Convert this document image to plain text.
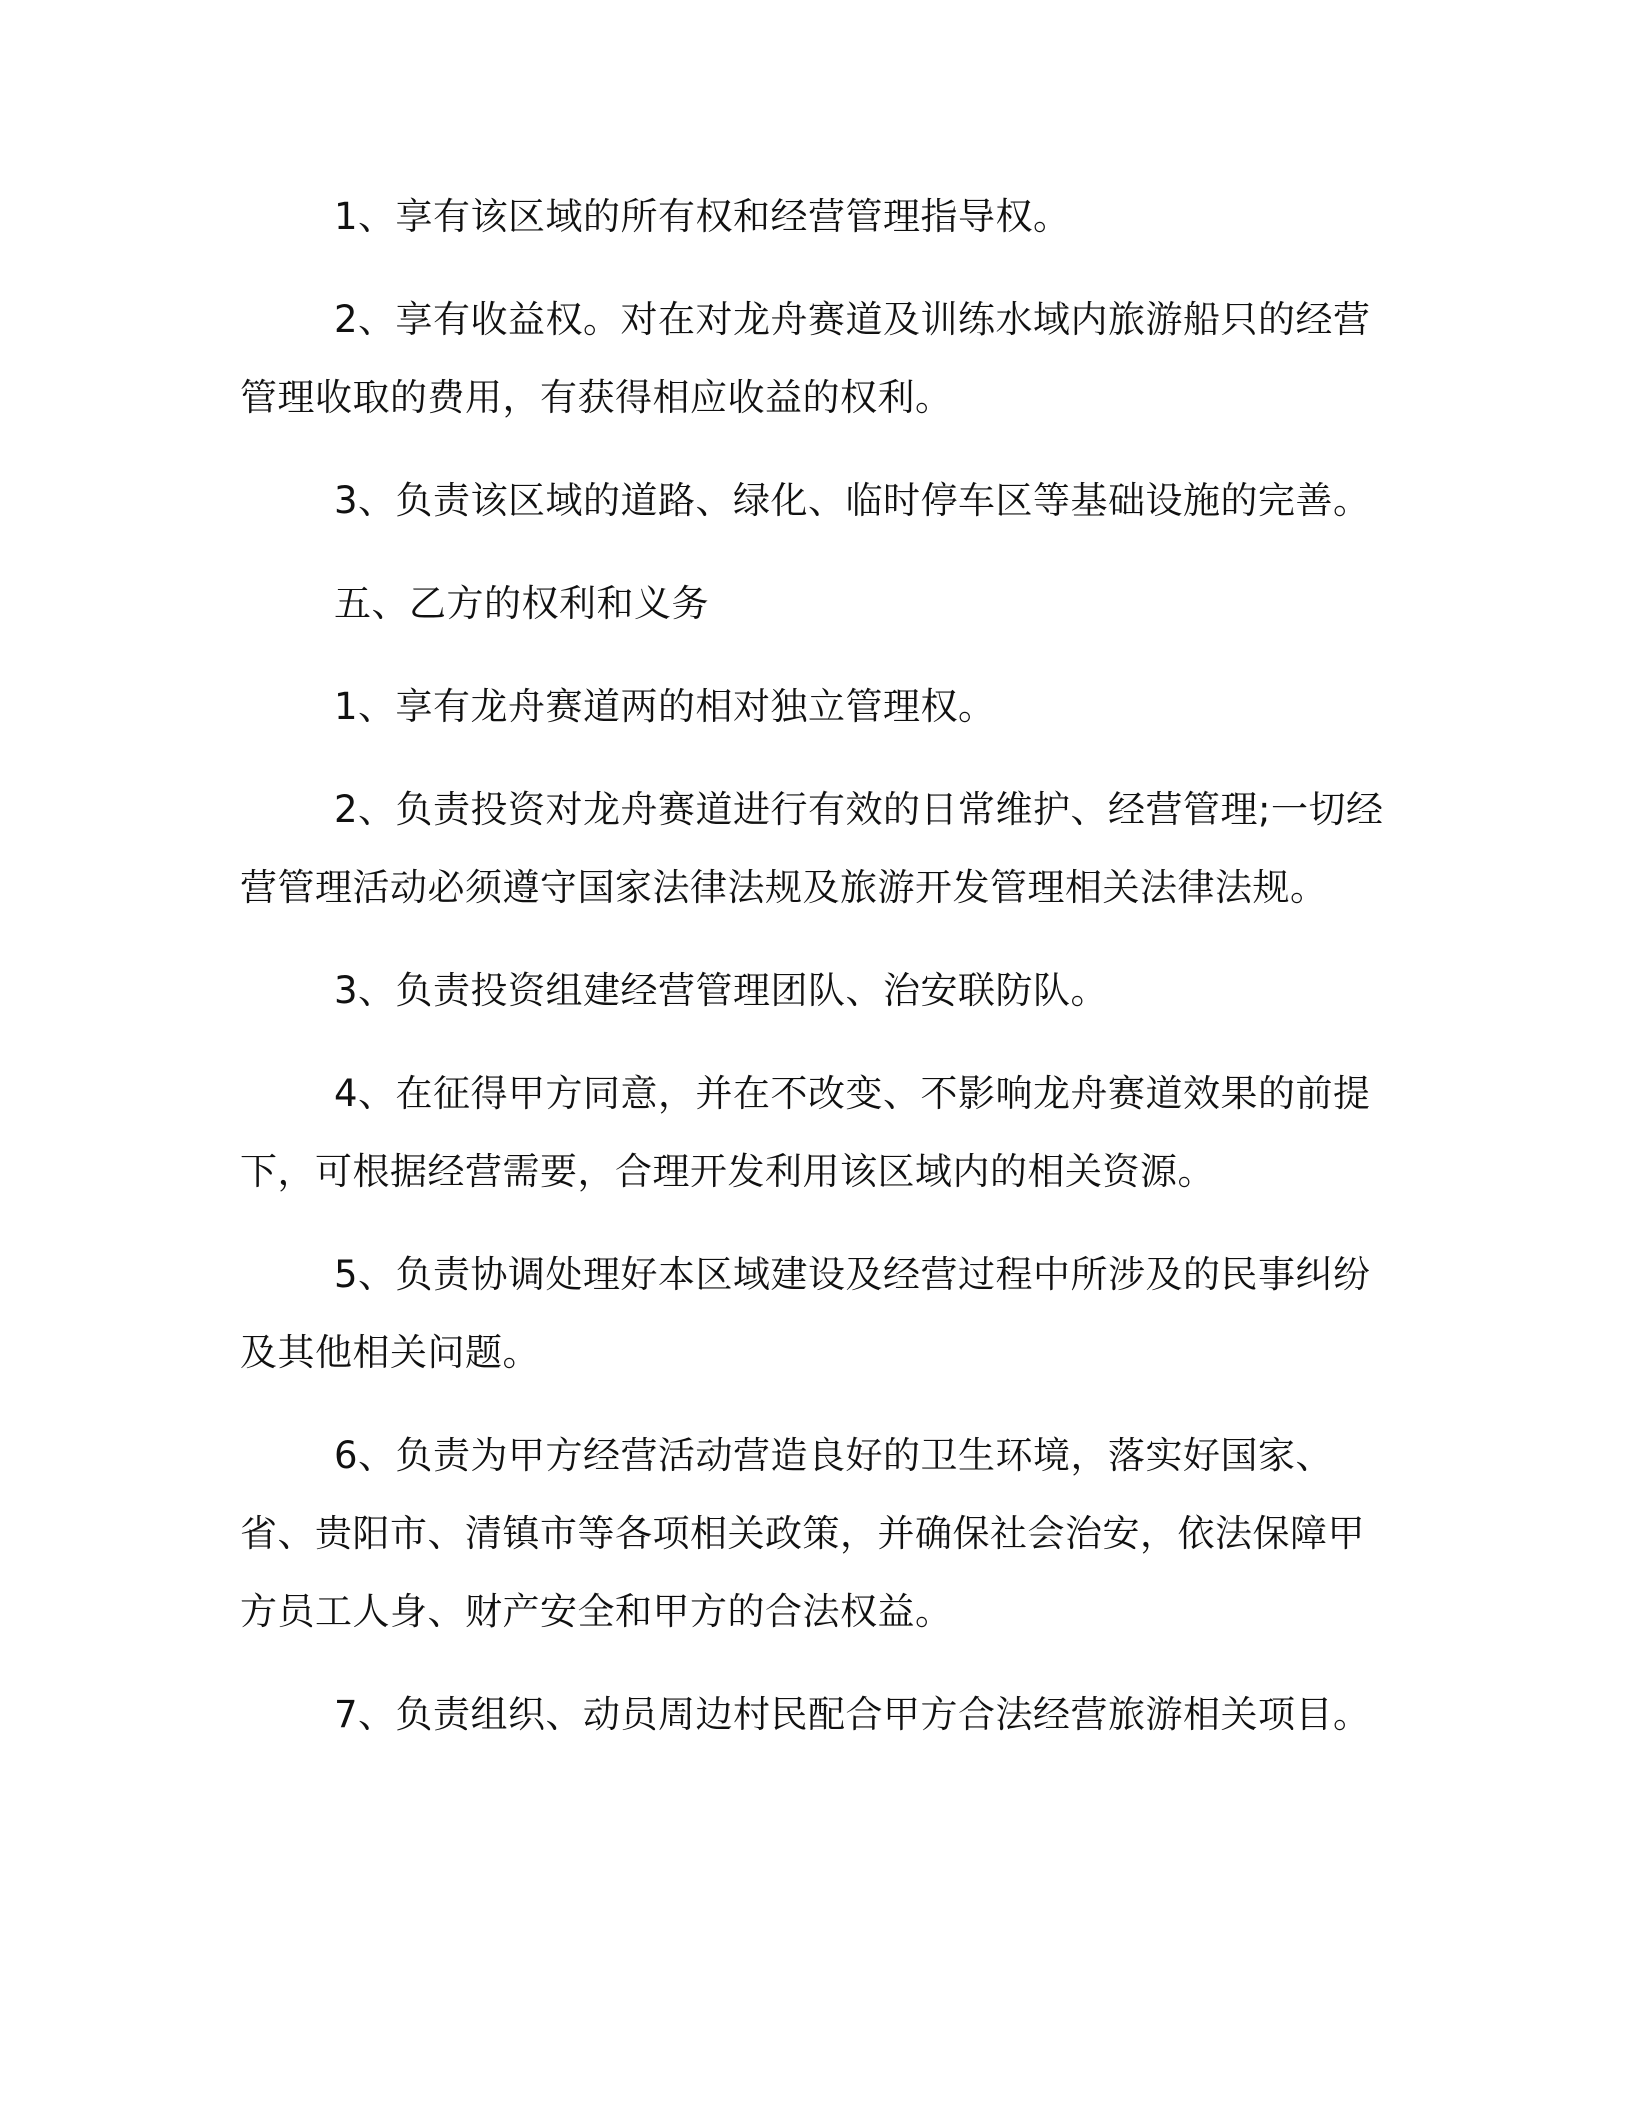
1、享有该区域的所有权和经营管理指导权。

2、享有收益权。对在对龙舟赛道及训练水域内旅游船只的经营管理收取的费用，有获得相应收益的权利。

3、负责该区域的道路、绿化、临时停车区等基础设施的完善。

五、乙方的权利和义务

1、享有龙舟赛道两的相对独立管理权。

2、负责投资对龙舟赛道进行有效的日常维护、经营管理;一切经营管理活动必须遵守国家法律法规及旅游开发管理相关法律法规。

3、负责投资组建经营管理团队、治安联防队。

4、在征得甲方同意，并在不改变、不影响龙舟赛道效果的前提下，可根据经营需要，合理开发利用该区域内的相关资源。

5、负责协调处理好本区域建设及经营过程中所涉及的民事纠纷及其他相关问题。

6、负责为甲方经营活动营造良好的卫生环境，落实好国家、省、贵阳市、清镇市等各项相关政策，并确保社会治安，依法保障甲方员工人身、财产安全和甲方的合法权益。

7、负责组织、动员周边村民配合甲方合法经营旅游相关项目。
